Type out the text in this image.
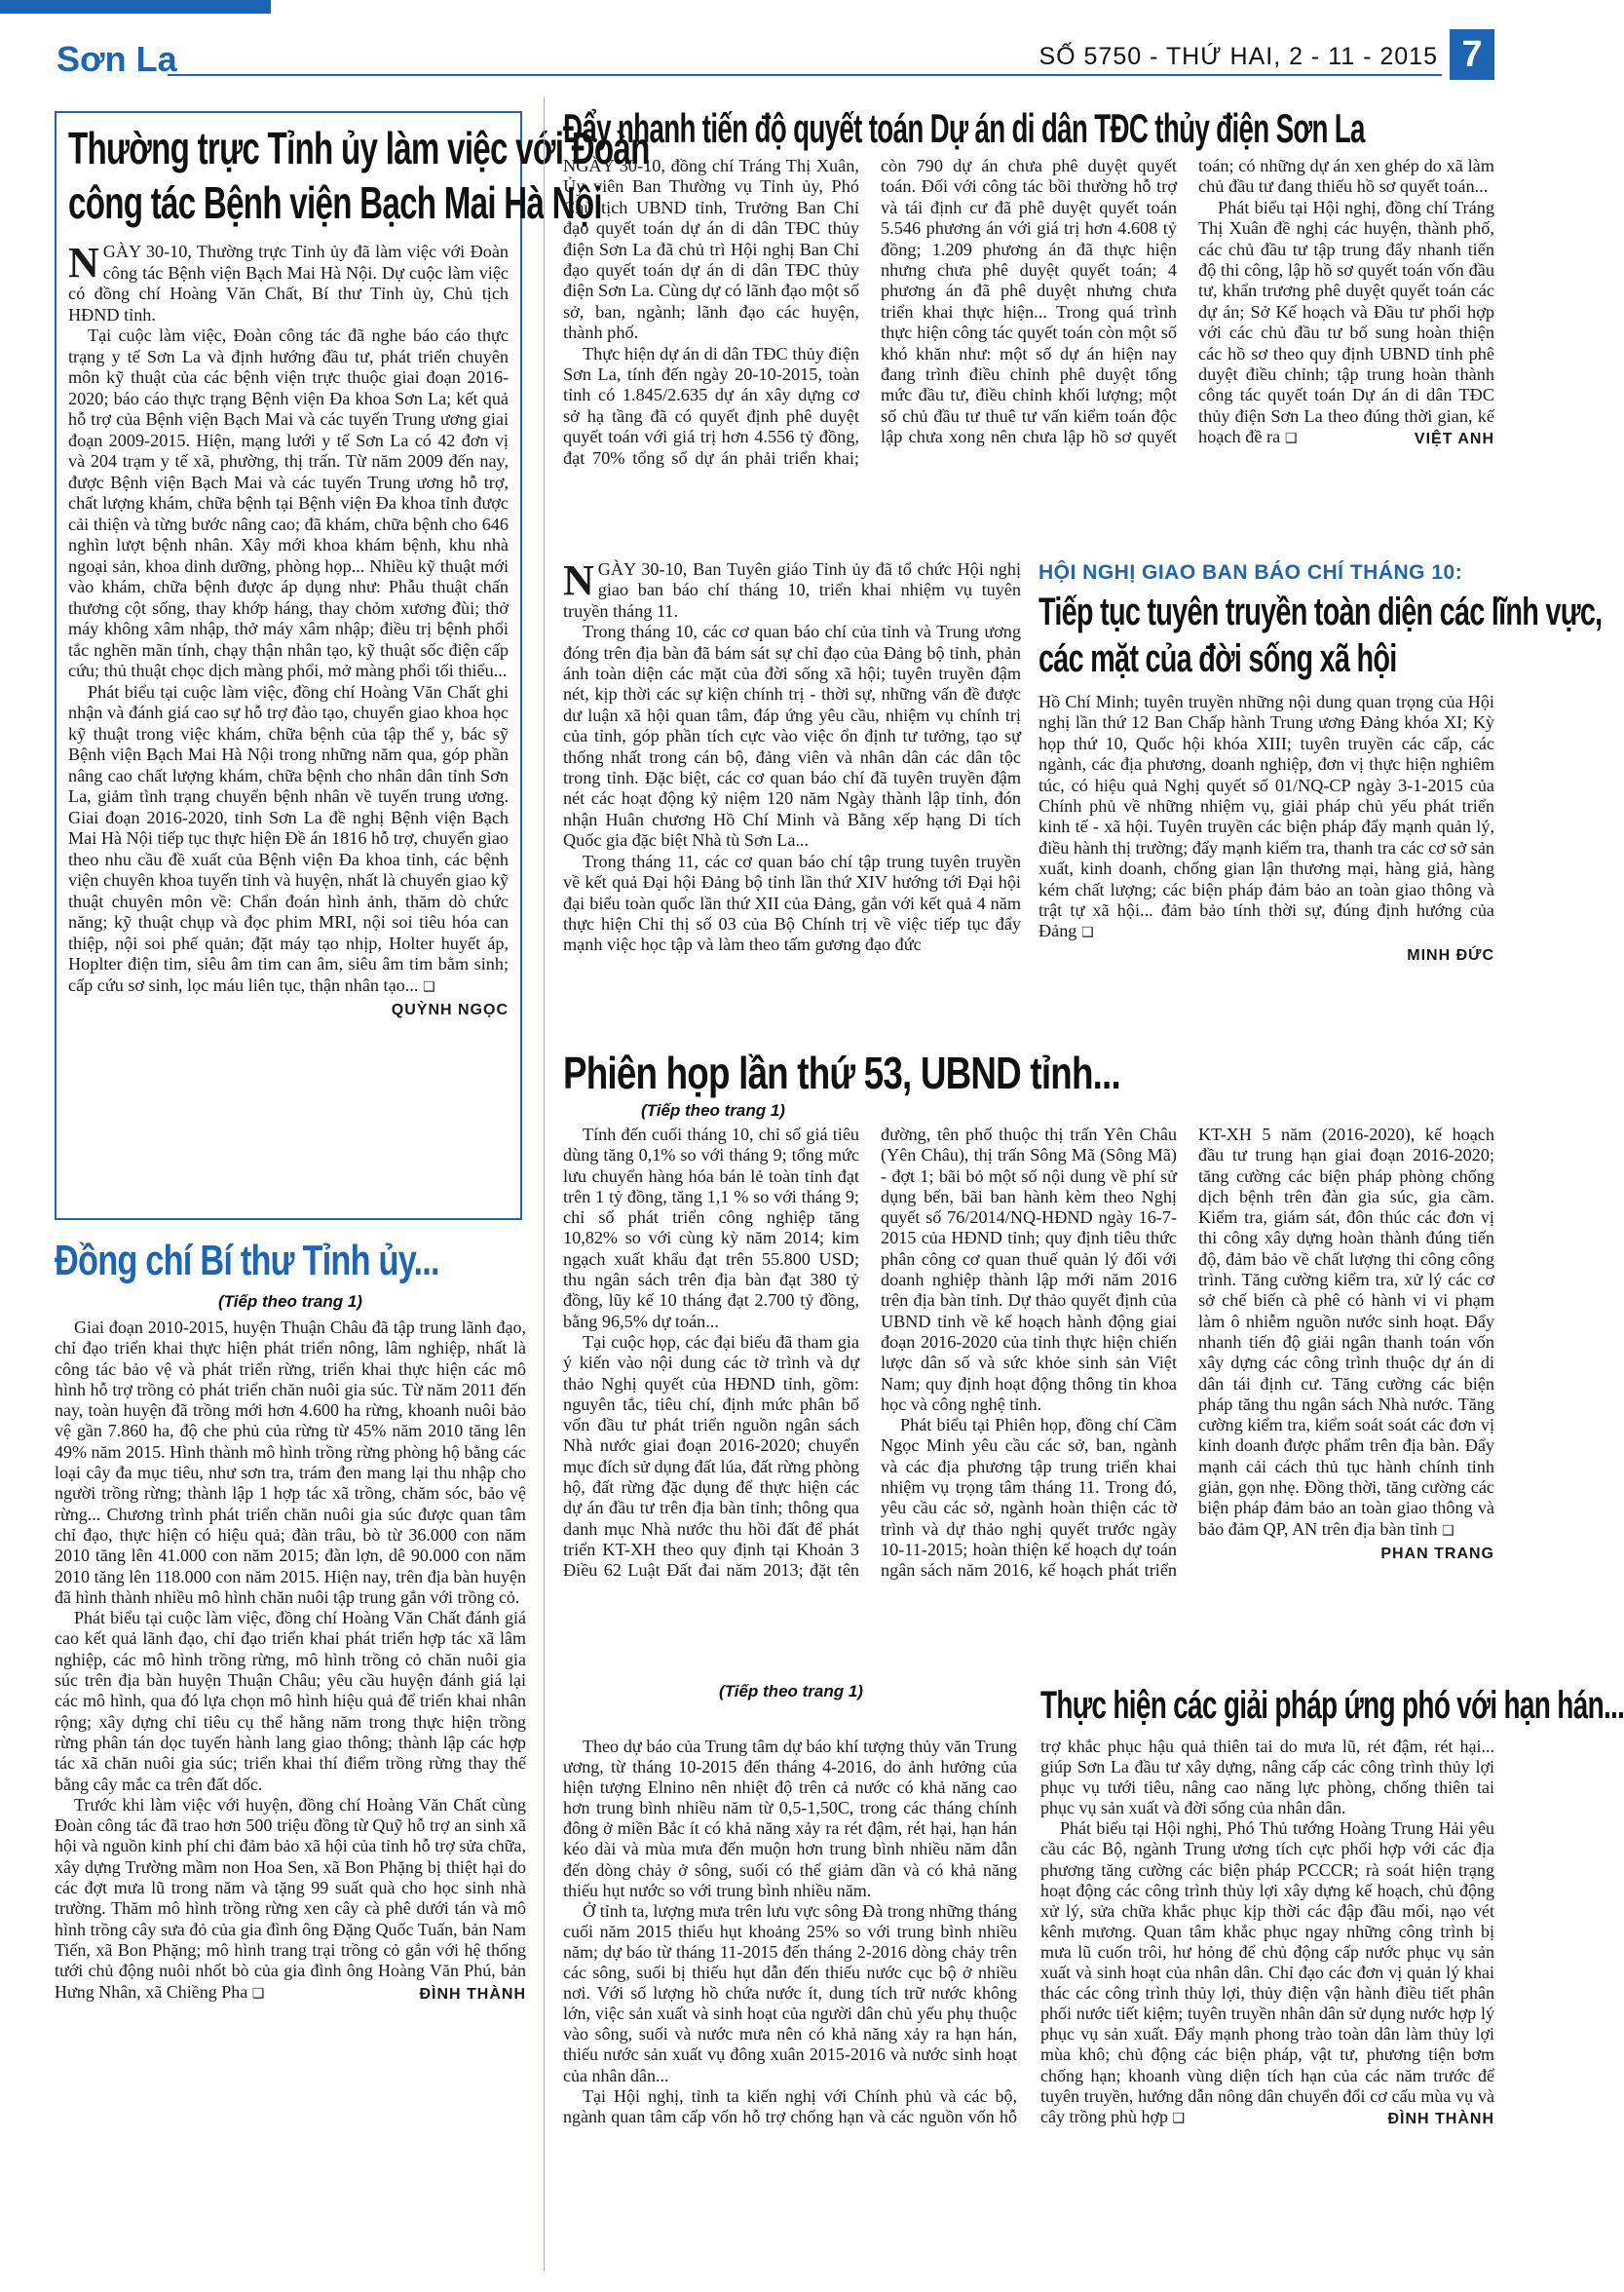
Sơn La	SỐ 5750 - THỨ HAI, 2 - 11 - 2015 7
Thường trực Tỉnh ủy làm việc với Đoàn
công tác Bệnh viện Bạch Mai Hà Nội

NGÀY 30-10, Thường trực Tỉnh ủy đã làm việc với Đoàn công tác Bệnh viện Bạch Mai Hà Nội. Dự cuộc làm việc có đồng chí Hoàng Văn Chất, Bí thư Tỉnh ủy, Chủ tịch HĐND tỉnh.

Tại cuộc làm việc, Đoàn công tác đã nghe báo cáo thực trạng y tế Sơn La và định hướng đầu tư, phát triển chuyên môn kỹ thuật của các bệnh viện trực thuộc giai đoạn 2016-2020; báo cáo thực trạng Bệnh viện Đa khoa Sơn La; kết quả hỗ trợ của Bệnh viện Bạch Mai và các tuyến Trung ương giai đoạn 2009-2015. Hiện, mạng lưới y tế Sơn La có 42 đơn vị và 204 trạm y tế xã, phường, thị trấn. Từ năm 2009 đến nay, được Bệnh viện Bạch Mai và các tuyến Trung ương hỗ trợ, chất lượng khám, chữa bệnh tại Bệnh viện Đa khoa tỉnh được cải thiện và từng bước nâng cao; đã khám, chữa bệnh cho 646 nghìn lượt bệnh nhân. Xây mới khoa khám bệnh, khu nhà ngoại sản, khoa dinh dưỡng, phòng họp... Nhiều kỹ thuật mới vào khám, chữa bệnh được áp dụng như: Phẫu thuật chấn thương cột sống, thay khớp háng, thay chỏm xương đùi; thở máy không xâm nhập, thở máy xâm nhập; điều trị bệnh phổi tắc nghẽn mãn tính, chạy thận nhân tạo, kỹ thuật sốc điện cấp cứu; thủ thuật chọc dịch màng phổi, mở màng phổi tối thiểu...

Phát biểu tại cuộc làm việc, đồng chí Hoàng Văn Chất ghi nhận và đánh giá cao sự hỗ trợ đào tạo, chuyển giao khoa học kỹ thuật trong việc khám, chữa bệnh của tập thể y, bác sỹ Bệnh viện Bạch Mai Hà Nội trong những năm qua, góp phần nâng cao chất lượng khám, chữa bệnh cho nhân dân tỉnh Sơn La, giảm tình trạng chuyển bệnh nhân về tuyến trung ương. Giai đoạn 2016-2020, tỉnh Sơn La đề nghị Bệnh viện Bạch Mai Hà Nội tiếp tục thực hiện Đề án 1816 hỗ trợ, chuyển giao theo nhu cầu đề xuất của Bệnh viện Đa khoa tỉnh, các bệnh viện chuyên khoa tuyến tỉnh và huyện, nhất là chuyển giao kỹ thuật chuyên môn về: Chẩn đoán hình ảnh, thăm dò chức năng; kỹ thuật chụp và đọc phim MRI, nội soi tiêu hóa can thiệp, nội soi phế quản; đặt máy tạo nhịp, Holter huyết áp, Hoplter điện tim, siêu âm tim can âm, siêu âm tim bằm sinh; cấp cứu sơ sinh, lọc máu liên tục, thận nhân tạo... ❑
QUỲNH NGỌC

Đồng chí Bí thư Tỉnh ủy...
(Tiếp theo trang 1)

Giai đoạn 2010-2015, huyện Thuận Châu đã tập trung lãnh đạo, chỉ đạo triển khai thực hiện phát triển nông, lâm nghiệp, nhất là công tác bảo vệ và phát triển rừng, triển khai thực hiện các mô hình hỗ trợ trồng cỏ phát triển chăn nuôi gia súc. Từ năm 2011 đến nay, toàn huyện đã trồng mới hơn 4.600 ha rừng, khoanh nuôi bảo vệ gần 7.860 ha, độ che phủ của rừng từ 45% năm 2010 tăng lên 49% năm 2015. Hình thành mô hình trồng rừng phòng hộ bằng các loại cây đa mục tiêu, như sơn tra, trám đen mang lại thu nhập cho người trồng rừng; thành lập 1 hợp tác xã trồng, chăm sóc, bảo vệ rừng... Chương trình phát triển chăn nuôi gia súc được quan tâm chỉ đạo, thực hiện có hiệu quả; đàn trâu, bò từ 36.000 con năm 2010 tăng lên 41.000 con năm 2015; đàn lợn, dê 90.000 con năm 2010 tăng lên 118.000 con năm 2015. Hiện nay, trên địa bàn huyện đã hình thành nhiều mô hình chăn nuôi tập trung gắn với trồng cỏ.

Phát biểu tại cuộc làm việc, đồng chí Hoàng Văn Chất đánh giá cao kết quả lãnh đạo, chỉ đạo triển khai phát triển hợp tác xã lâm nghiệp, các mô hình trồng rừng, mô hình trồng cỏ chăn nuôi gia súc trên địa bàn huyện Thuận Châu; yêu cầu huyện đánh giá lại các mô hình, qua đó lựa chọn mô hình hiệu quả để triển khai nhân rộng; xây dựng chỉ tiêu cụ thể hằng năm trong thực hiện trồng rừng phân tán dọc tuyến hành lang giao thông; thành lập các hợp tác xã chăn nuôi gia súc; triển khai thí điểm trồng rừng thay thế bằng cây mắc ca trên đất dốc.

Trước khi làm việc với huyện, đồng chí Hoàng Văn Chất cùng Đoàn công tác đã trao hơn 500 triệu đồng từ Quỹ hỗ trợ an sinh xã hội và nguồn kinh phí chi đảm bảo xã hội của tỉnh hỗ trợ sửa chữa, xây dựng Trường mầm non Hoa Sen, xã Bon Phặng bị thiệt hại do các đợt mưa lũ trong năm và tặng 99 suất quà cho học sinh nhà trường. Thăm mô hình trồng rừng xen cây cà phê dưới tán và mô hình trồng cây sưa đỏ của gia đình ông Đặng Quốc Tuấn, bản Nam Tiến, xã Bon Phặng; mô hình trang trại trồng cỏ gắn với hệ thống tưới chủ động nuôi nhốt bò của gia đình ông Hoàng Văn Phú, bản Hưng Nhân, xã Chiềng Pha ❑	ĐÌNH THÀNH

Đẩy nhanh tiến độ quyết toán Dự án di dân TĐC thủy điện Sơn La

NGÀY 30-10, đồng chí Tráng Thị Xuân, Ủy viên Ban Thường vụ Tỉnh ủy, Phó Chủ tịch UBND tỉnh, Trưởng Ban Chỉ đạo quyết toán dự án di dân TĐC thủy điện Sơn La đã chủ trì Hội nghị Ban Chỉ đạo quyết toán dự án di dân TĐC thủy điện Sơn La. Cùng dự có lãnh đạo một số sở, ban, ngành; lãnh đạo các huyện, thành phố.

Thực hiện dự án di dân TĐC thủy điện Sơn La, tính đến ngày 20-10-2015, toàn tỉnh có 1.845/2.635 dự án xây dựng cơ sở hạ tầng đã có quyết định phê duyệt quyết toán với giá trị hơn 4.556 tỷ đồng, đạt 70% tổng số dự án phải triển khai; còn 790 dự án chưa phê duyệt quyết toán. Đối với công tác bồi thường hỗ trợ và tái định cư đã phê duyệt quyết toán 5.546 phương án với giá trị hơn 4.608 tỷ đồng; 1.209 phương án đã thực hiện nhưng chưa phê duyệt quyết toán; 4 phương án đã phê duyệt nhưng chưa triển khai thực hiện... Trong quá trình thực hiện công tác quyết toán còn một số khó khăn như: một số dự án hiện nay đang trình điều chỉnh phê duyệt tổng mức đầu tư, điều chỉnh khối lượng; một số chủ đầu tư thuê tư vấn kiểm toán độc lập chưa xong nên chưa lập hồ sơ quyết toán; có những dự án xen ghép do xã làm chủ đầu tư đang thiếu hồ sơ quyết toán...

Phát biểu tại Hội nghị, đồng chí Tráng Thị Xuân đề nghị các huyện, thành phố, các chủ đầu tư tập trung đẩy nhanh tiến độ thi công, lập hồ sơ quyết toán vốn đầu tư, khẩn trương phê duyệt quyết toán các dự án; Sở Kế hoạch và Đầu tư phối hợp với các chủ đầu tư bổ sung hoàn thiện các hồ sơ theo quy định UBND tỉnh phê duyệt điều chỉnh; tập trung hoàn thành công tác quyết toán Dự án di dân TĐC thủy điện Sơn La theo đúng thời gian, kế hoạch đề ra ❑	VIỆT ANH

NGÀY 30-10, Ban Tuyên giáo Tỉnh ủy đã tổ chức Hội nghị giao ban báo chí tháng 10, triển khai nhiệm vụ tuyên truyền tháng 11.

Trong tháng 10, các cơ quan báo chí của tỉnh và Trung ương đóng trên địa bàn đã bám sát sự chỉ đạo của Đảng bộ tỉnh, phản ánh toàn diện các mặt của đời sống xã hội; tuyên truyền đậm nét, kịp thời các sự kiện chính trị - thời sự, những vấn đề được dư luận xã hội quan tâm, đáp ứng yêu cầu, nhiệm vụ chính trị của tỉnh, góp phần tích cực vào việc ổn định tư tưởng, tạo sự thống nhất trong cán bộ, đảng viên và nhân dân các dân tộc trong tỉnh. Đặc biệt, các cơ quan báo chí đã tuyên truyền đậm nét các hoạt động kỷ niệm 120 năm Ngày thành lập tỉnh, đón nhận Huân chương Hồ Chí Minh và Bằng xếp hạng Di tích Quốc gia đặc biệt Nhà tù Sơn La...

Trong tháng 11, các cơ quan báo chí tập trung tuyên truyền về kết quả Đại hội Đảng bộ tỉnh lần thứ XIV hướng tới Đại hội đại biểu toàn quốc lần thứ XII của Đảng, gắn với kết quả 4 năm thực hiện Chỉ thị số 03 của Bộ Chính trị về việc tiếp tục đẩy mạnh việc học tập và làm theo tấm gương đạo đức

HỘI NGHỊ GIAO BAN BÁO CHÍ THÁNG 10:
Tiếp tục tuyên truyền toàn diện các lĩnh vực,
các mặt của đời sống xã hội

Hồ Chí Minh; tuyên truyền những nội dung quan trọng của Hội nghị lần thứ 12 Ban Chấp hành Trung ương Đảng khóa XI; Kỳ họp thứ 10, Quốc hội khóa XIII; tuyên truyền các cấp, các ngành, các địa phương, doanh nghiệp, đơn vị thực hiện nghiêm túc, có hiệu quả Nghị quyết số 01/NQ-CP ngày 3-1-2015 của Chính phủ về những nhiệm vụ, giải pháp chủ yếu phát triển kinh tế - xã hội. Tuyên truyền các biện pháp đẩy mạnh quản lý, điều hành thị trường; đẩy mạnh kiểm tra, thanh tra các cơ sở sản xuất, kinh doanh, chống gian lận thương mại, hàng giả, hàng kém chất lượng; các biện pháp đảm bảo an toàn giao thông và trật tự xã hội... đảm bảo tính thời sự, đúng định hướng của Đảng ❑

MINH ĐỨC

Phiên họp lần thứ 53, UBND tỉnh...
(Tiếp theo trang 1)

Tính đến cuối tháng 10, chỉ số giá tiêu dùng tăng 0,1% so với tháng 9; tổng mức lưu chuyển hàng hóa bán lẻ toàn tỉnh đạt trên 1 tỷ đồng, tăng 1,1 % so với tháng 9; chỉ số phát triển công nghiệp tăng 10,82% so với cùng kỳ năm 2014; kim ngạch xuất khẩu đạt trên 55.800 USD; thu ngân sách trên địa bàn đạt 380 tỷ đồng, lũy kế 10 tháng đạt 2.700 tỷ đồng, bằng 96,5% dự toán...

Tại cuộc họp, các đại biểu đã tham gia ý kiến vào nội dung các tờ trình và dự thảo Nghị quyết của HĐND tỉnh, gồm: nguyên tắc, tiêu chí, định mức phân bổ vốn đầu tư phát triển nguồn ngân sách Nhà nước giai đoạn 2016-2020; chuyển mục đích sử dụng đất lúa, đất rừng phòng hộ, đất rừng đặc dụng để thực hiện các dự án đầu tư trên địa bàn tỉnh; thông qua danh mục Nhà nước thu hồi đất để phát triển KT-XH theo quy định tại Khoản 3 Điều 62 Luật Đất đai năm 2013; đặt tên đường, tên phố thuộc thị trấn Yên Châu (Yên Châu), thị trấn Sông Mã (Sông Mã) - đợt 1; bãi bỏ một số nội dung về phí sử dụng bến, bãi ban hành kèm theo Nghị quyết số 76/2014/NQ-HĐND ngày 16-7-2015 của HĐND tỉnh; quy định tiêu thức phân công cơ quan thuế quản lý đối với doanh nghiệp thành lập mới năm 2016 trên địa bàn tỉnh. Dự thảo quyết định của UBND tỉnh về kế hoạch hành động giai đoạn 2016-2020 của tỉnh thực hiện chiến lược dân số và sức khỏe sinh sản Việt Nam; quy định hoạt động thông tin khoa học và công nghệ tỉnh.

Phát biểu tại Phiên họp, đồng chí Cầm Ngọc Minh yêu cầu các sở, ban, ngành và các địa phương tập trung triển khai nhiệm vụ trọng tâm tháng 11. Trong đó, yêu cầu các sở, ngành hoàn thiện các tờ trình và dự thảo nghị quyết trước ngày 10-11-2015; hoàn thiện kế hoạch dự toán ngân sách năm 2016, kế hoạch phát triển KT-XH 5 năm (2016-2020), kế hoạch đầu tư trung hạn giai đoạn 2016-2020; tăng cường các biện pháp phòng chống dịch bệnh trên đàn gia súc, gia cầm. Kiểm tra, giám sát, đôn thúc các đơn vị thi công xây dựng hoàn thành đúng tiến độ, đảm bảo về chất lượng thi công công trình. Tăng cường kiểm tra, xử lý các cơ sở chế biến cà phê có hành vi vi phạm làm ô nhiễm nguồn nước sinh hoạt. Đẩy nhanh tiến độ giải ngân thanh toán vốn xây dựng các công trình thuộc dự án di dân tái định cư. Tăng cường các biện pháp tăng thu ngân sách Nhà nước. Tăng cường kiểm tra, kiểm soát soát các đơn vị kinh doanh được phẩm trên địa bàn. Đẩy mạnh cải cách thủ tục hành chính tinh giản, gọn nhẹ. Đồng thời, tăng cường các biện pháp đảm bảo an toàn giao thông và bảo đảm QP, AN trên địa bàn tỉnh ❑
PHAN TRANG

(Tiếp theo trang 1)	Thực hiện các giải pháp ứng phó với hạn hán...

Theo dự báo của Trung tâm dự báo khí tượng thủy văn Trung ương, từ tháng 10-2015 đến tháng 4-2016, do ảnh hưởng của hiện tượng Elnino nên nhiệt độ trên cả nước có khả năng cao hơn trung bình nhiều năm từ 0,5-1,50C, trong các tháng chính đông ở miền Bắc ít có khả năng xảy ra rét đậm, rét hại, hạn hán kéo dài và mùa mưa đến muộn hơn trung bình nhiều năm dẫn đến dòng chảy ở sông, suối có thể giảm dần và có khả năng thiếu hụt nước so với trung bình nhiều năm.

Ở tỉnh ta, lượng mưa trên lưu vực sông Đà trong những tháng cuối năm 2015 thiếu hụt khoảng 25% so với trung bình nhiều năm; dự báo từ tháng 11-2015 đến tháng 2-2016 dòng chảy trên các sông, suối bị thiếu hụt dẫn đến thiếu nước cục bộ ở nhiều nơi. Với số lượng hồ chứa nước ít, dung tích trữ nước không lớn, việc sản xuất và sinh hoạt của người dân chủ yếu phụ thuộc vào sông, suối và nước mưa nên có khả năng xảy ra hạn hán, thiếu nước sản xuất vụ đông xuân 2015-2016 và nước sinh hoạt của nhân dân...

Tại Hội nghị, tỉnh ta kiến nghị với Chính phủ và các bộ, ngành quan tâm cấp vốn hỗ trợ chống hạn và các nguồn vốn hỗ trợ khắc phục hậu quả thiên tai do mưa lũ, rét đậm, rét hại... giúp Sơn La đầu tư xây dựng, nâng cấp các công trình thủy lợi phục vụ tưới tiêu, nâng cao năng lực phòng, chống thiên tai phục vụ sản xuất và đời sống của nhân dân.

Phát biểu tại Hội nghị, Phó Thủ tướng Hoàng Trung Hải yêu cầu các Bộ, ngành Trung ương tích cực phối hợp với các địa phương tăng cường các biện pháp PCCCR; rà soát hiện trạng hoạt động các công trình thủy lợi xây dựng kế hoạch, chủ động xử lý, sửa chữa khắc phục kịp thời các đập đầu mối, nạo vét kênh mương. Quan tâm khắc phục ngay những công trình bị mưa lũ cuốn trôi, hư hỏng để chủ động cấp nước phục vụ sản xuất và sinh hoạt của nhân dân. Chỉ đạo các đơn vị quản lý khai thác các công trình thủy lợi, thủy điện vận hành điều tiết phân phối nước tiết kiệm; tuyên truyền nhân dân sử dụng nước hợp lý phục vụ sản xuất. Đẩy mạnh phong trào toàn dân làm thủy lợi mùa khô; chủ động các biện pháp, vật tư, phương tiện bơm chống hạn; khoanh vùng diện tích hạn của các năm trước để tuyên truyền, hướng dẫn nông dân chuyển đổi cơ cấu mùa vụ và cây trồng phù hợp ❑	ĐÌNH THÀNH
